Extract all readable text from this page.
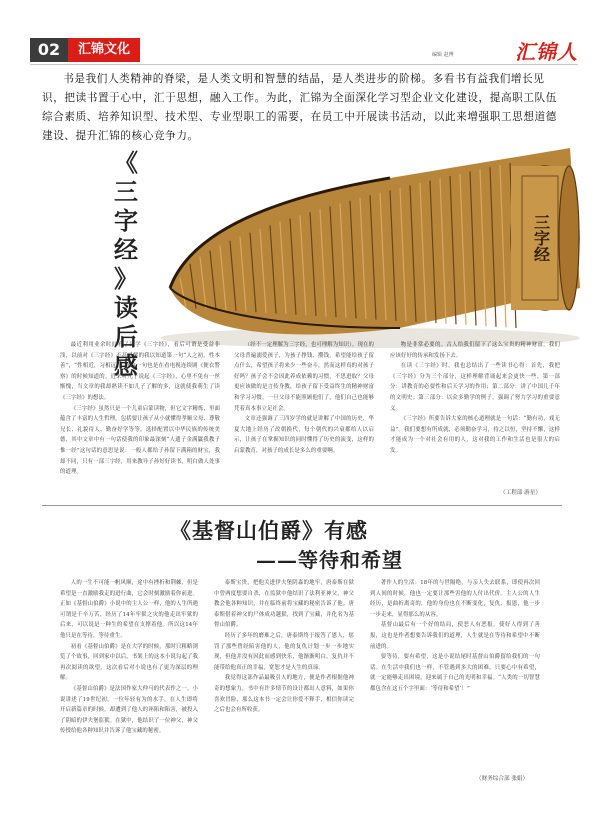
02	汇锦文化	编辑 赵博	汇锦人
书是我们人类精神的脊梁，是人类文明和智慧的结晶，是人类进步的阶梯。多看书有益我们增长见识，把读书置于心中，汇于思想，融入工作。为此，汇锦为全面深化学习型企业文化建设，提高职工队伍综合素质、培养知识型、技术型、专业型职工的需要，在员工中开展读书活动，以此来增强职工思想道德建设、提升汇锦的核心竞争力。
三字经
《
三
字
经
》
读
后
感

最近利用业余时间看了国学《三字经》，看后可谓是受益非浅，以前对《三字经》不甚了解的我以知道第一句“人之初，性本善”，“性相近，习相远”，连这一句也是在看电视连续剧《便衣警察》的时候知道的。近来听儿子说起《三字经》，心里不免有一丝惭愧，当文章的我却熟读不如儿子了解的多，这就使我萌生了读《三字经》的想法。

《三字经》虽然只是一个儿童启蒙读物，但它文字精炼，里面蕴含了丰富的人生哲理，包括要让孩子从小就懂得孝顺父母、尊敬兄长、礼貌待人、勤奋好学等等。选择配置以中华民族的传统美德，其中文章中有一句话使我的印象最深刻“人遗子金满籯我教子惟一经”这句话的意思是说：一般人都给子孙留下满箱的财宝，我却不同，只有一部三字经，用来教导子孙好好读书，明白做人处事的道理。

（经不一定理解为三字经，也可理解为知识）。现在的父母普遍溺爱孩子，为孩子挣钱、攒钱，希望能给孩子留点什么，希望孩子将来少一些奋斗，然而这样真的对孩子好吗？孩子会不会因此养成依赖的习惯，不思进取？父母更应该做的是言传身教，给孩子留下受益终生的精神财富和学习习惯。一旦父母不能照顾他们了，他们自己也能够凭着真本事立足社会。

文章还强调了三四岁学的就是讲解了中国的历史，华夏大地上经历了改朝换代，每个朝代的兴衰都给人以启示，让孩子在掌握知识的同时懂得了历史的演变，这样的启蒙教育，对孩子的成长是多么的重要啊。

物是非常必要的。古人给我们留下了这么宝贵的精神财富，我们应该好好的传承和发扬下去。

在读《三字经》时，我也总结出了一些读书心得：首先，我把《三字经》分为三个部分，这样理解背诵起来会更快一些。第一部分：讲教育的必要性和后天学习的作用；第二部分：讲了中国几千年的文明史；第三部分：以众多勤学的例子，强调了努力学习的重要意义。

《三字经》所要告诉大家的核心道理就是一句话：“勤有功，戏无益”。我们要想有所成就，必须勤奋学习，持之以恒，坚持不懈，这样才能成为一个对社会有用的人，这对我的工作和生活也是很大的启发。

（工程部 游星）
《基督山伯爵》有感
——等待和希望

人的一生不可能一帆风顺，途中有挫折和荆棘，但是希望是一直激励我走的进行曲，它会时刻激励着你前进。正如《基督山伯爵》小说中的主人公一样，他的人生所遇可谓是千辛万苦，经历了14年牢狱之灾的他走出牢狱的后来，可以说是一种生的希望在支撑着他。所以这14年他只是在等待，等待重生。

初看《基督山伯爵》是在大学的时候，那时只粗略浏览了个故事，回到家中以后，书架上的这本小说勾起了我再次阅读的欲望，这次看后对小说也有了更为深层的理解。

《基督山伯爵》是法国作家大仲马的代表作之一。小说讲述了19世纪初，一位年轻有为的水手，在人生即将开启新篇章的时候，却遭到了他人的诬陷和陷害，被投入了阴暗的伊夫堡监狱。在狱中，他结识了一位神父，神父传授给他各种知识并告诉了他宝藏的秘密。

泰斯宝贵，把他关进伊夫堡阴森的地牢，唐泰斯在狱中曾两度想要自杀，在监狱中他结识了法利亚神父，神父教会他各种知识，并在临终前将宝藏的秘密告诉了他。唐泰斯借着神父的尸体成功越狱，找到了宝藏，并化名为基督山伯爵。

经历了多年的磨难之后，唐泰斯终于报答了恩人，惩罚了那些曾经陷害他的人，他的复仇计划一步一步地实现，但他并没有因此而感到快乐，他渐渐明白，复仇并不能带给他真正的幸福，宽恕才是人生的真谛。

我觉得这部作品最吸引人的地方，便是作者根据他神奇的想象力，书中有许多情节的设计都出人意料，如果你喜欢冒险，那么这本书一定会让你爱不释手，相信你读完之后也会有所收获。

著作人的生活：18年的与世隔绝，与亲人失去联系，即使再次回到人间的时候，他也一定要让那些害他的人付出代价。主人公的人生经历，是曲折离奇的，他的身份也在不断变化，复仇、报恩，他一步一步走来，显得那么的从容。

基督山最后有一个好的结局，使恶人有恶报，使好人得到了善报，这也是作者想要告诉我们的道理，人生就是在等待和希望中不断前进的。

要等待，要有希望，这是小说结尾时基督山伯爵留给我们的一句话。在生活中我们也一样，不管遇到多大的困难，只要心中有希望，就一定能够走出困境，迎来属于自己的光明和幸福。“人类的一切智慧都包含在这五个字里面：‘等待和希望’！”

（财务综合部 张娟）
